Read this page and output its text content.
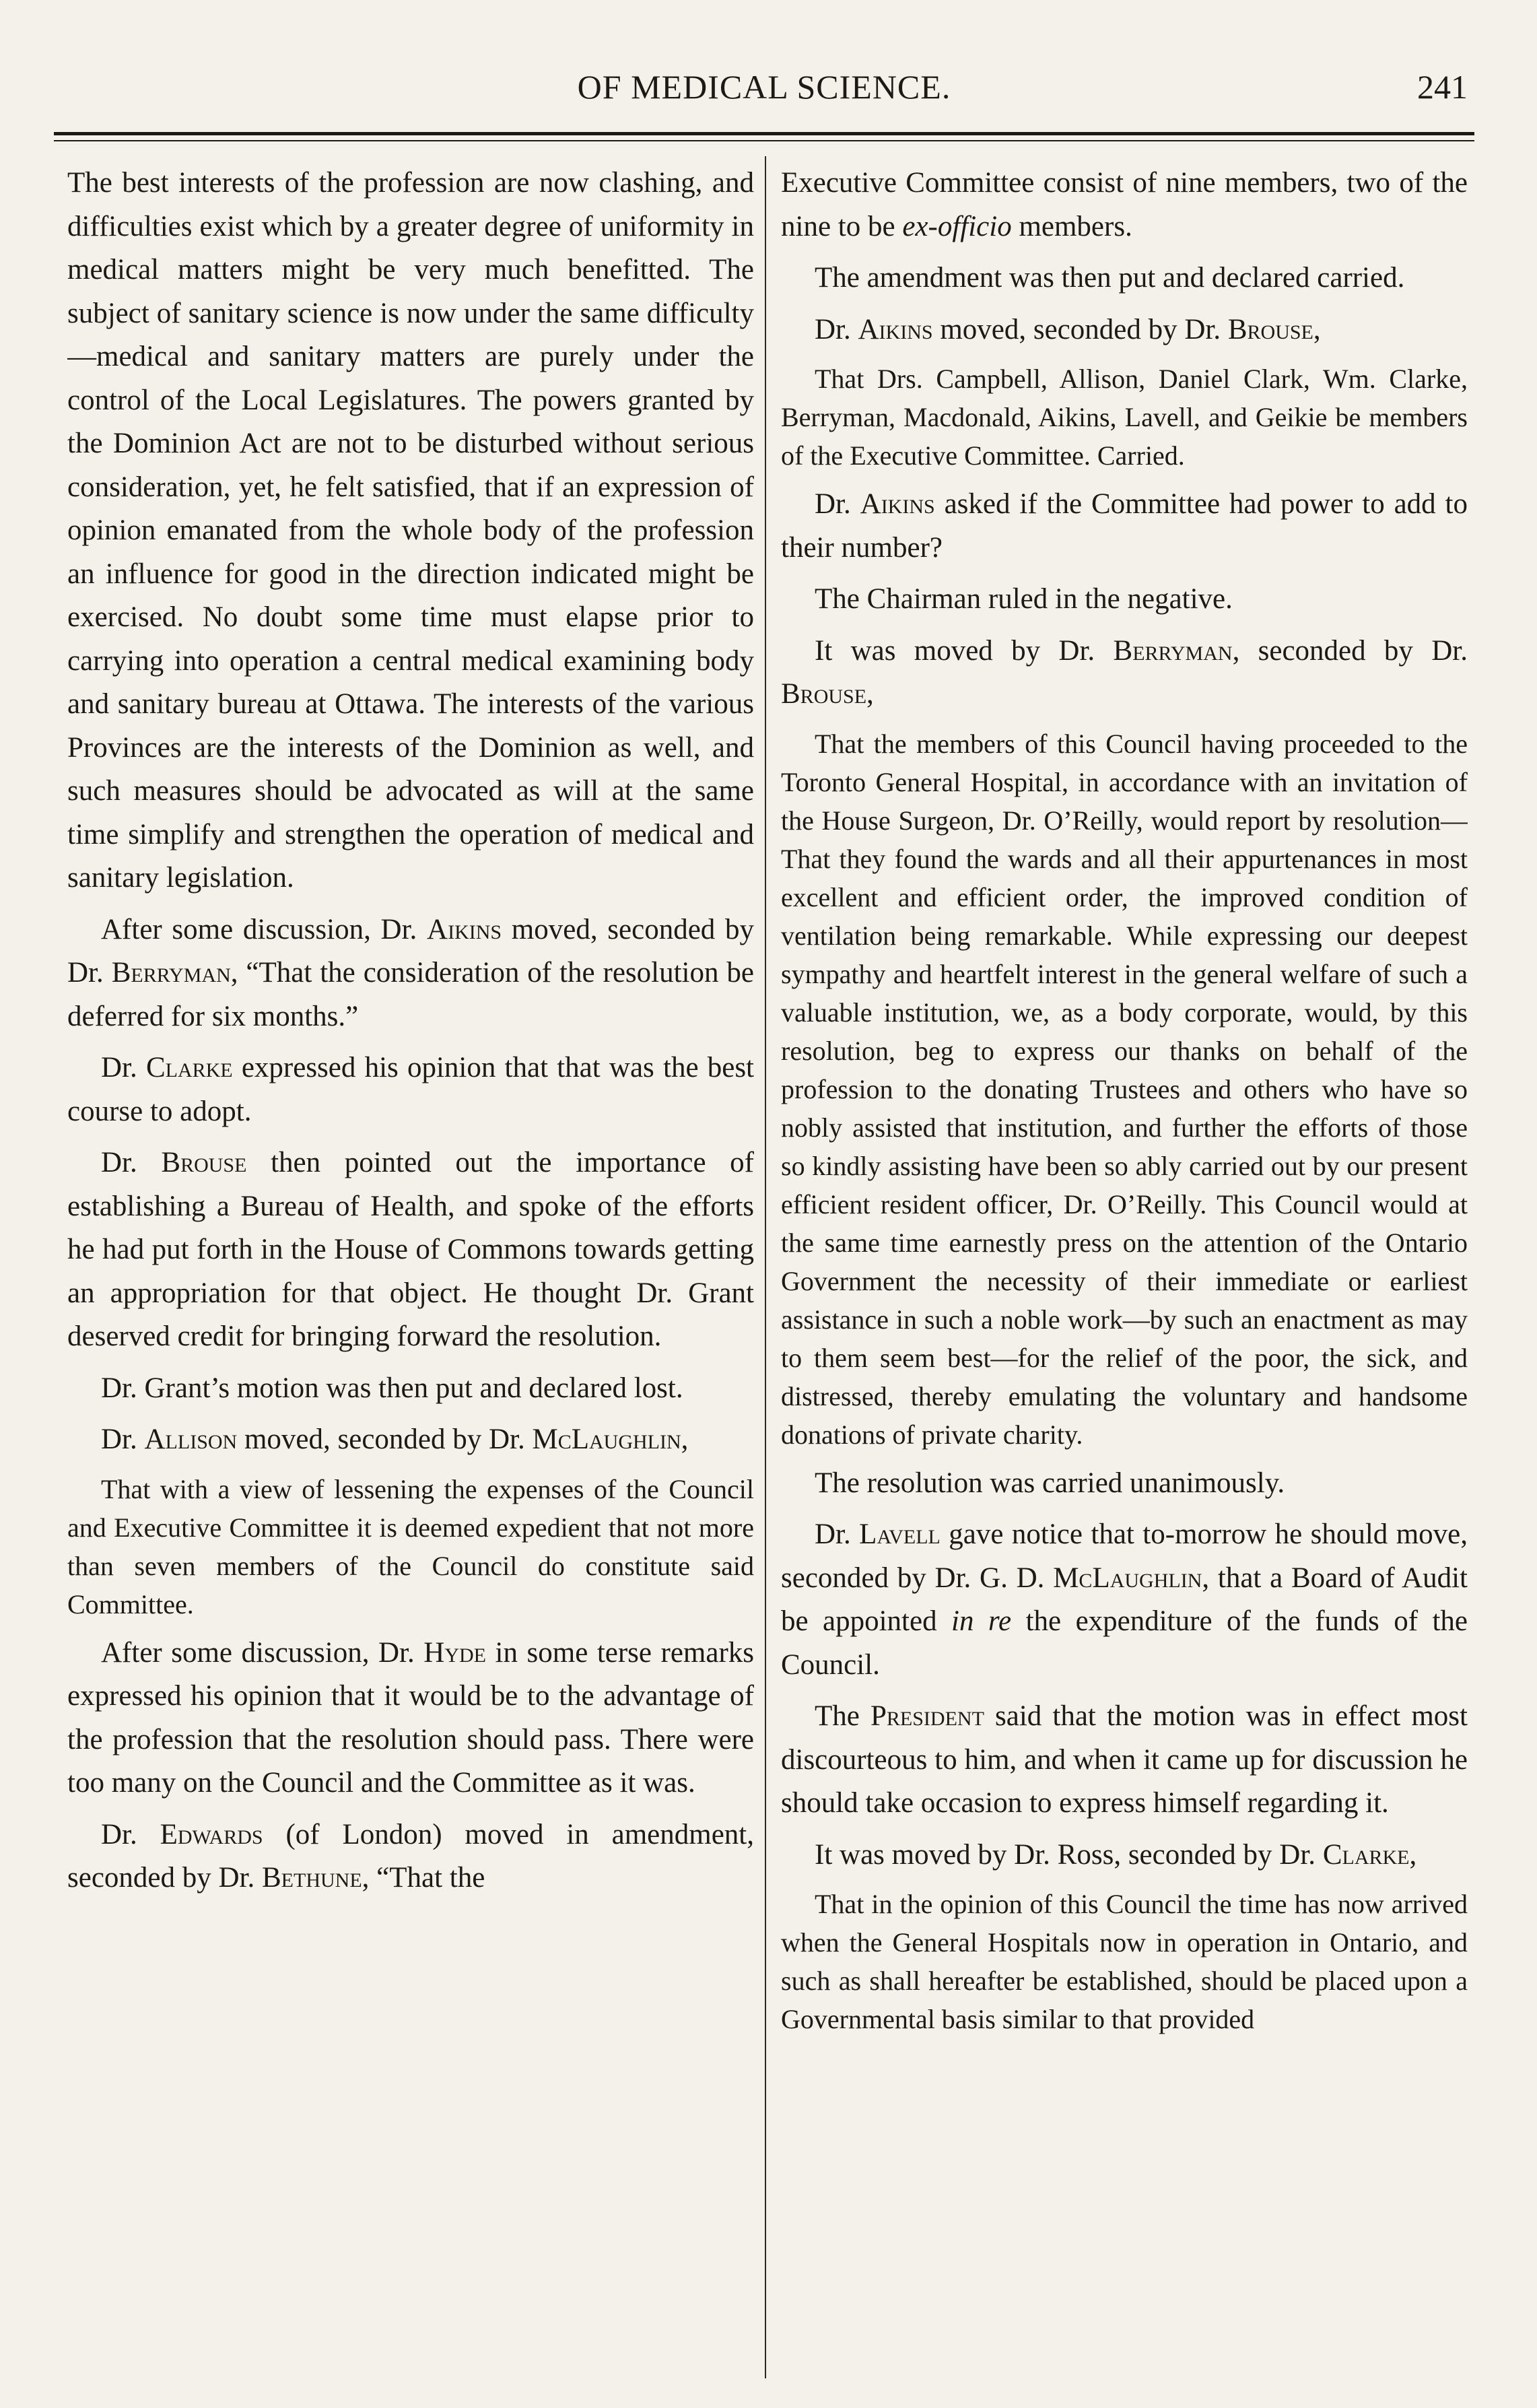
OF MEDICAL SCIENCE.	241

The best interests of the profession are now clashing, and difficulties exist which by a greater degree of uniformity in medical matters might be very much benefitted. The subject of sanitary science is now under the same difficulty—medical and sanitary matters are purely under the control of the Local Legislatures. The powers granted by the Dominion Act are not to be disturbed without serious consideration, yet, he felt satisfied, that if an expression of opinion emanated from the whole body of the profession an influence for good in the direction indicated might be exercised. No doubt some time must elapse prior to carrying into operation a central medical examining body and sanitary bureau at Ottawa. The interests of the various Provinces are the interests of the Dominion as well, and such measures should be advocated as will at the same time simplify and strengthen the operation of medical and sanitary legislation.

After some discussion, Dr. Aikins moved, seconded by Dr. Berryman, “That the consideration of the resolution be deferred for six months.”

Dr. Clarke expressed his opinion that that was the best course to adopt.

Dr. Brouse then pointed out the importance of establishing a Bureau of Health, and spoke of the efforts he had put forth in the House of Commons towards getting an appropriation for that object. He thought Dr. Grant deserved credit for bringing forward the resolution.

Dr. Grant’s motion was then put and declared lost.

Dr. Allison moved, seconded by Dr. McLaughlin,

That with a view of lessening the expenses of the Council and Executive Committee it is deemed expedient that not more than seven members of the Council do constitute said Committee.

After some discussion, Dr. Hyde in some terse remarks expressed his opinion that it would be to the advantage of the profession that the resolution should pass. There were too many on the Council and the Committee as it was.

Dr. Edwards (of London) moved in amendment, seconded by Dr. Bethune, “That the

Executive Committee consist of nine members, two of the nine to be ex-officio members.

The amendment was then put and declared carried.

Dr. Aikins moved, seconded by Dr. Brouse,

That Drs. Campbell, Allison, Daniel Clark, Wm. Clarke, Berryman, Macdonald, Aikins, Lavell, and Geikie be members of the Executive Committee. Carried.

Dr. Aikins asked if the Committee had power to add to their number?

The Chairman ruled in the negative.

It was moved by Dr. Berryman, seconded by Dr. Brouse,

That the members of this Council having proceeded to the Toronto General Hospital, in accordance with an invitation of the House Surgeon, Dr. O’Reilly, would report by resolution—That they found the wards and all their appurtenances in most excellent and efficient order, the improved condition of ventilation being remarkable. While expressing our deepest sympathy and heartfelt interest in the general welfare of such a valuable institution, we, as a body corporate, would, by this resolution, beg to express our thanks on behalf of the profession to the donating Trustees and others who have so nobly assisted that institution, and further the efforts of those so kindly assisting have been so ably carried out by our present efficient resident officer, Dr. O’Reilly. This Council would at the same time earnestly press on the attention of the Ontario Government the necessity of their immediate or earliest assistance in such a noble work—by such an enactment as may to them seem best—for the relief of the poor, the sick, and distressed, thereby emulating the voluntary and handsome donations of private charity.

The resolution was carried unanimously.

Dr. Lavell gave notice that to-morrow he should move, seconded by Dr. G. D. McLaughlin, that a Board of Audit be appointed in re the expenditure of the funds of the Council.

The President said that the motion was in effect most discourteous to him, and when it came up for discussion he should take occasion to express himself regarding it.

It was moved by Dr. Ross, seconded by Dr. Clarke,

That in the opinion of this Council the time has now arrived when the General Hospitals now in operation in Ontario, and such as shall hereafter be established, should be placed upon a Governmental basis similar to that provided
